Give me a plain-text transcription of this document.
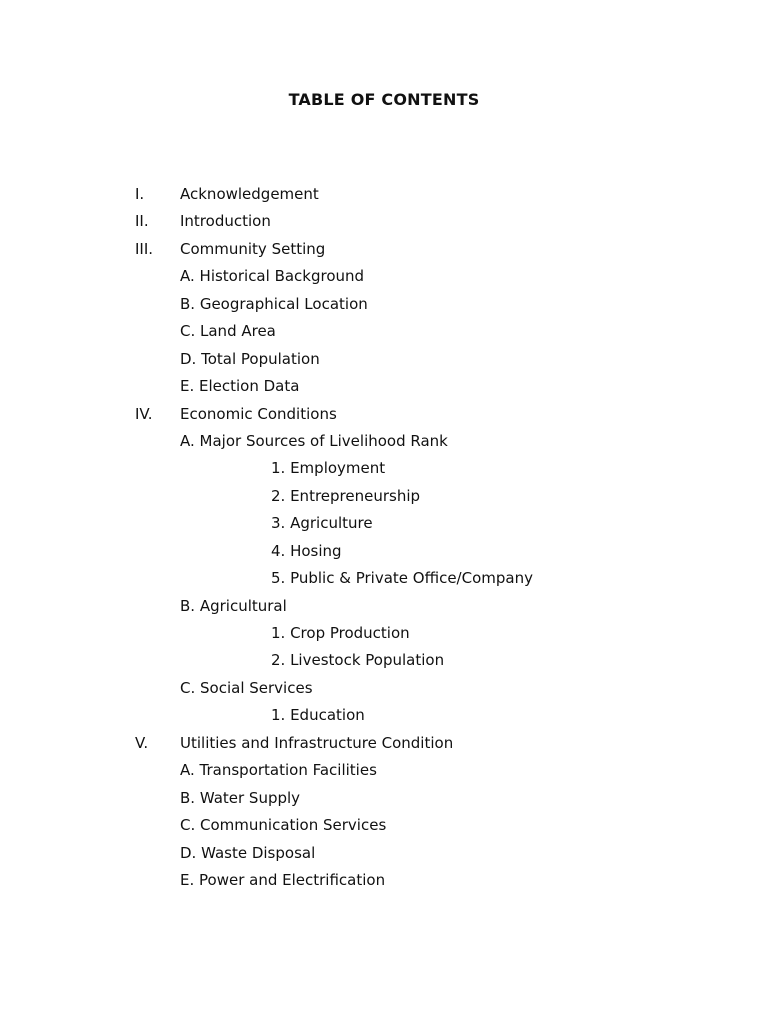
TABLE OF CONTENTS
I. Acknowledgement
II. Introduction
III. Community Setting
A. Historical Background
B. Geographical Location
C. Land Area
D. Total Population
E. Election Data
IV. Economic Conditions
A. Major Sources of Livelihood Rank
1. Employment
2. Entrepreneurship
3. Agriculture
4. Hosing
5. Public & Private Office/Company
B. Agricultural
1. Crop Production
2. Livestock Population
C. Social Services
1. Education
V. Utilities and Infrastructure Condition
A. Transportation Facilities
B. Water Supply
C. Communication Services
D. Waste Disposal
E. Power and Electrification
